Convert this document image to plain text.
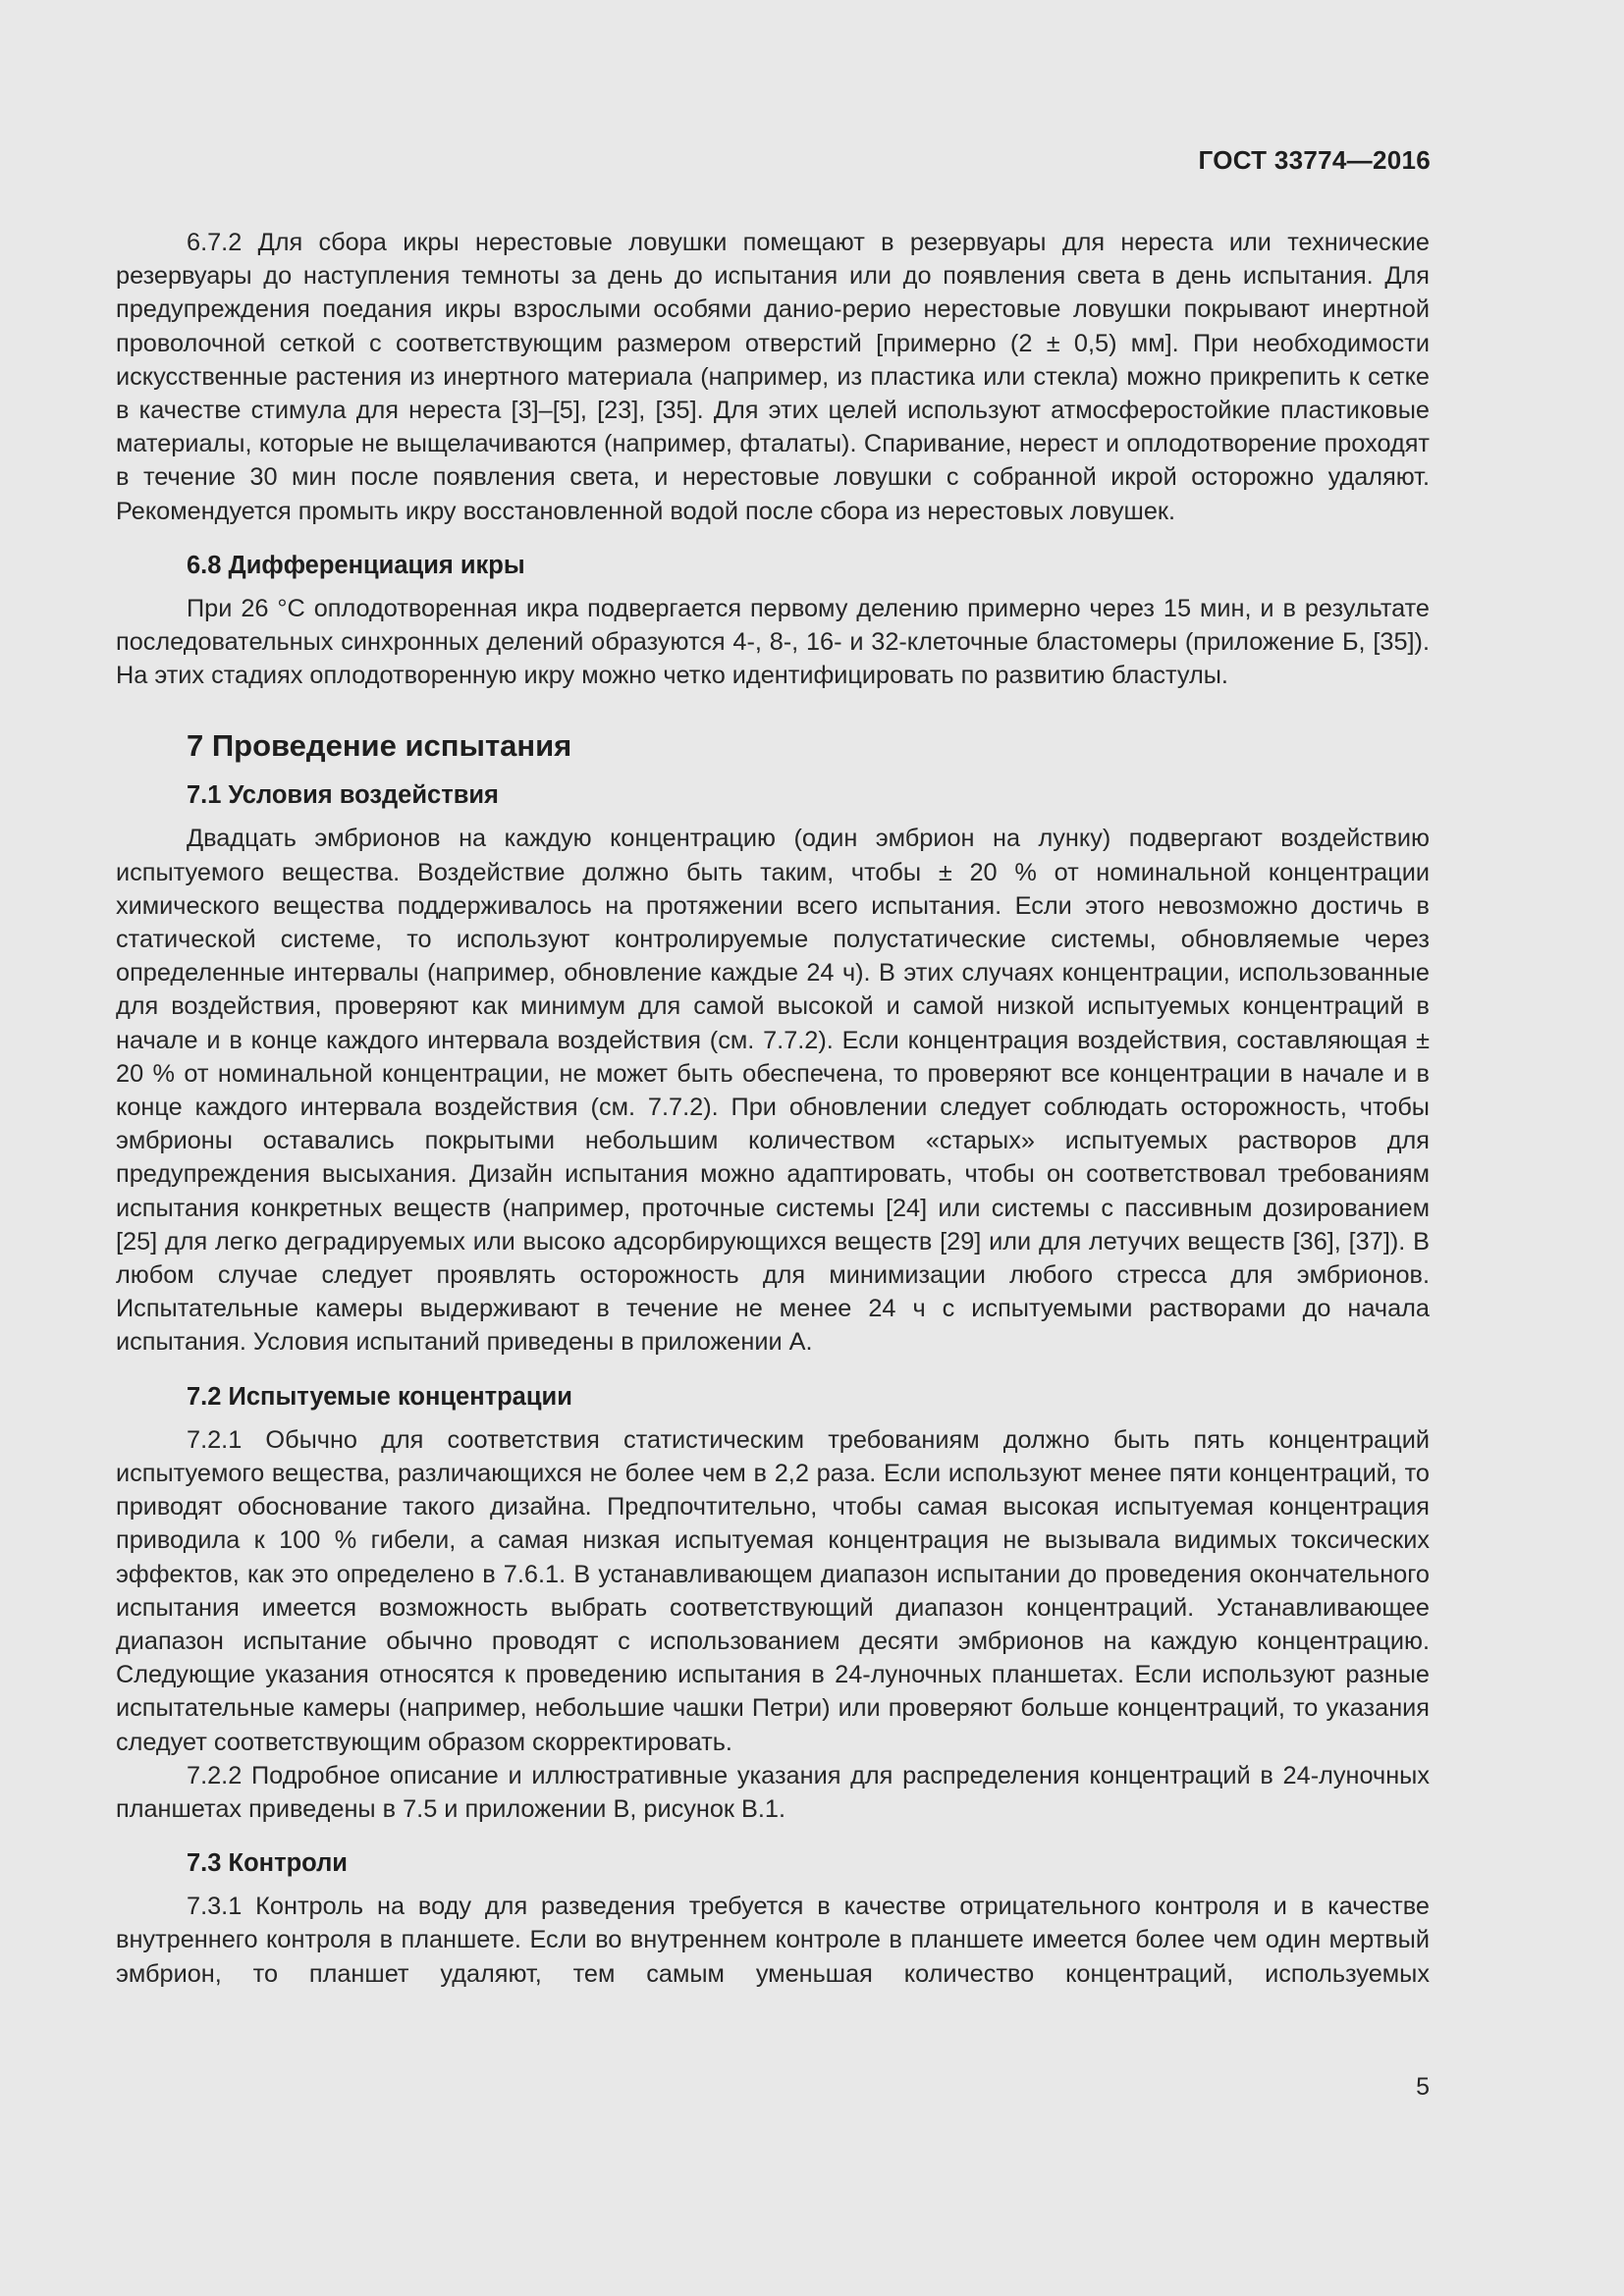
ГОСТ 33774—2016

6.7.2 Для сбора икры нерестовые ловушки помещают в резервуары для нереста или технические резервуары до наступления темноты за день до испытания или до появления света в день испытания. Для предупреждения поедания икры взрослыми особями данио-рерио нерестовые ловушки покрывают инертной проволочной сеткой с соответствующим размером отверстий [примерно (2 ± 0,5) мм]. При необходимости искусственные растения из инертного материала (например, из пластика или стекла) можно прикрепить к сетке в качестве стимула для нереста [3]–[5], [23], [35]. Для этих целей используют атмосферостойкие пластиковые материалы, которые не выщелачиваются (например, фталаты). Спаривание, нерест и оплодотворение проходят в течение 30 мин после появления света, и нерестовые ловушки с собранной икрой осторожно удаляют. Рекомендуется промыть икру восстановленной водой после сбора из нерестовых ловушек.

6.8 Дифференциация икры

При 26 °C оплодотворенная икра подвергается первому делению примерно через 15 мин, и в результате последовательных синхронных делений образуются 4-, 8-, 16- и 32-клеточные бластомеры (приложение Б, [35]). На этих стадиях оплодотворенную икру можно четко идентифицировать по развитию бластулы.

7 Проведение испытания
7.1 Условия воздействия

Двадцать эмбрионов на каждую концентрацию (один эмбрион на лунку) подвергают воздействию испытуемого вещества. Воздействие должно быть таким, чтобы ± 20 % от номинальной концентрации химического вещества поддерживалось на протяжении всего испытания. Если этого невозможно достичь в статической системе, то используют контролируемые полустатические системы, обновляемые через определенные интервалы (например, обновление каждые 24 ч). В этих случаях концентрации, использованные для воздействия, проверяют как минимум для самой высокой и самой низкой испытуемых концентраций в начале и в конце каждого интервала воздействия (см. 7.7.2). Если концентрация воздействия, составляющая ± 20 % от номинальной концентрации, не может быть обеспечена, то проверяют все концентрации в начале и в конце каждого интервала воздействия (см. 7.7.2). При обновлении следует соблюдать осторожность, чтобы эмбрионы оставались покрытыми небольшим количеством «старых» испытуемых растворов для предупреждения высыхания. Дизайн испытания можно адаптировать, чтобы он соответствовал требованиям испытания конкретных веществ (например, проточные системы [24] или системы с пассивным дозированием [25] для легко деградируемых или высоко адсорбирующихся веществ [29] или для летучих веществ [36], [37]). В любом случае следует проявлять осторожность для минимизации любого стресса для эмбрионов. Испытательные камеры выдерживают в течение не менее 24 ч с испытуемыми растворами до начала испытания. Условия испытаний приведены в приложении А.

7.2 Испытуемые концентрации

7.2.1 Обычно для соответствия статистическим требованиям должно быть пять концентраций испытуемого вещества, различающихся не более чем в 2,2 раза. Если используют менее пяти концентраций, то приводят обоснование такого дизайна. Предпочтительно, чтобы самая высокая испытуемая концентрация приводила к 100 % гибели, а самая низкая испытуемая концентрация не вызывала видимых токсических эффектов, как это определено в 7.6.1. В устанавливающем диапазон испытании до проведения окончательного испытания имеется возможность выбрать соответствующий диапазон концентраций. Устанавливающее диапазон испытание обычно проводят с использованием десяти эмбрионов на каждую концентрацию. Следующие указания относятся к проведению испытания в 24-луночных планшетах. Если используют разные испытательные камеры (например, небольшие чашки Петри) или проверяют больше концентраций, то указания следует соответствующим образом скорректировать.

7.2.2 Подробное описание и иллюстративные указания для распределения концентраций в 24-луночных планшетах приведены в 7.5 и приложении В, рисунок В.1.

7.3 Контроли

7.3.1 Контроль на воду для разведения требуется в качестве отрицательного контроля и в качестве внутреннего контроля в планшете. Если во внутреннем контроле в планшете имеется более чем один мертвый эмбрион, то планшет удаляют, тем самым уменьшая количество концентраций, используемых

5
